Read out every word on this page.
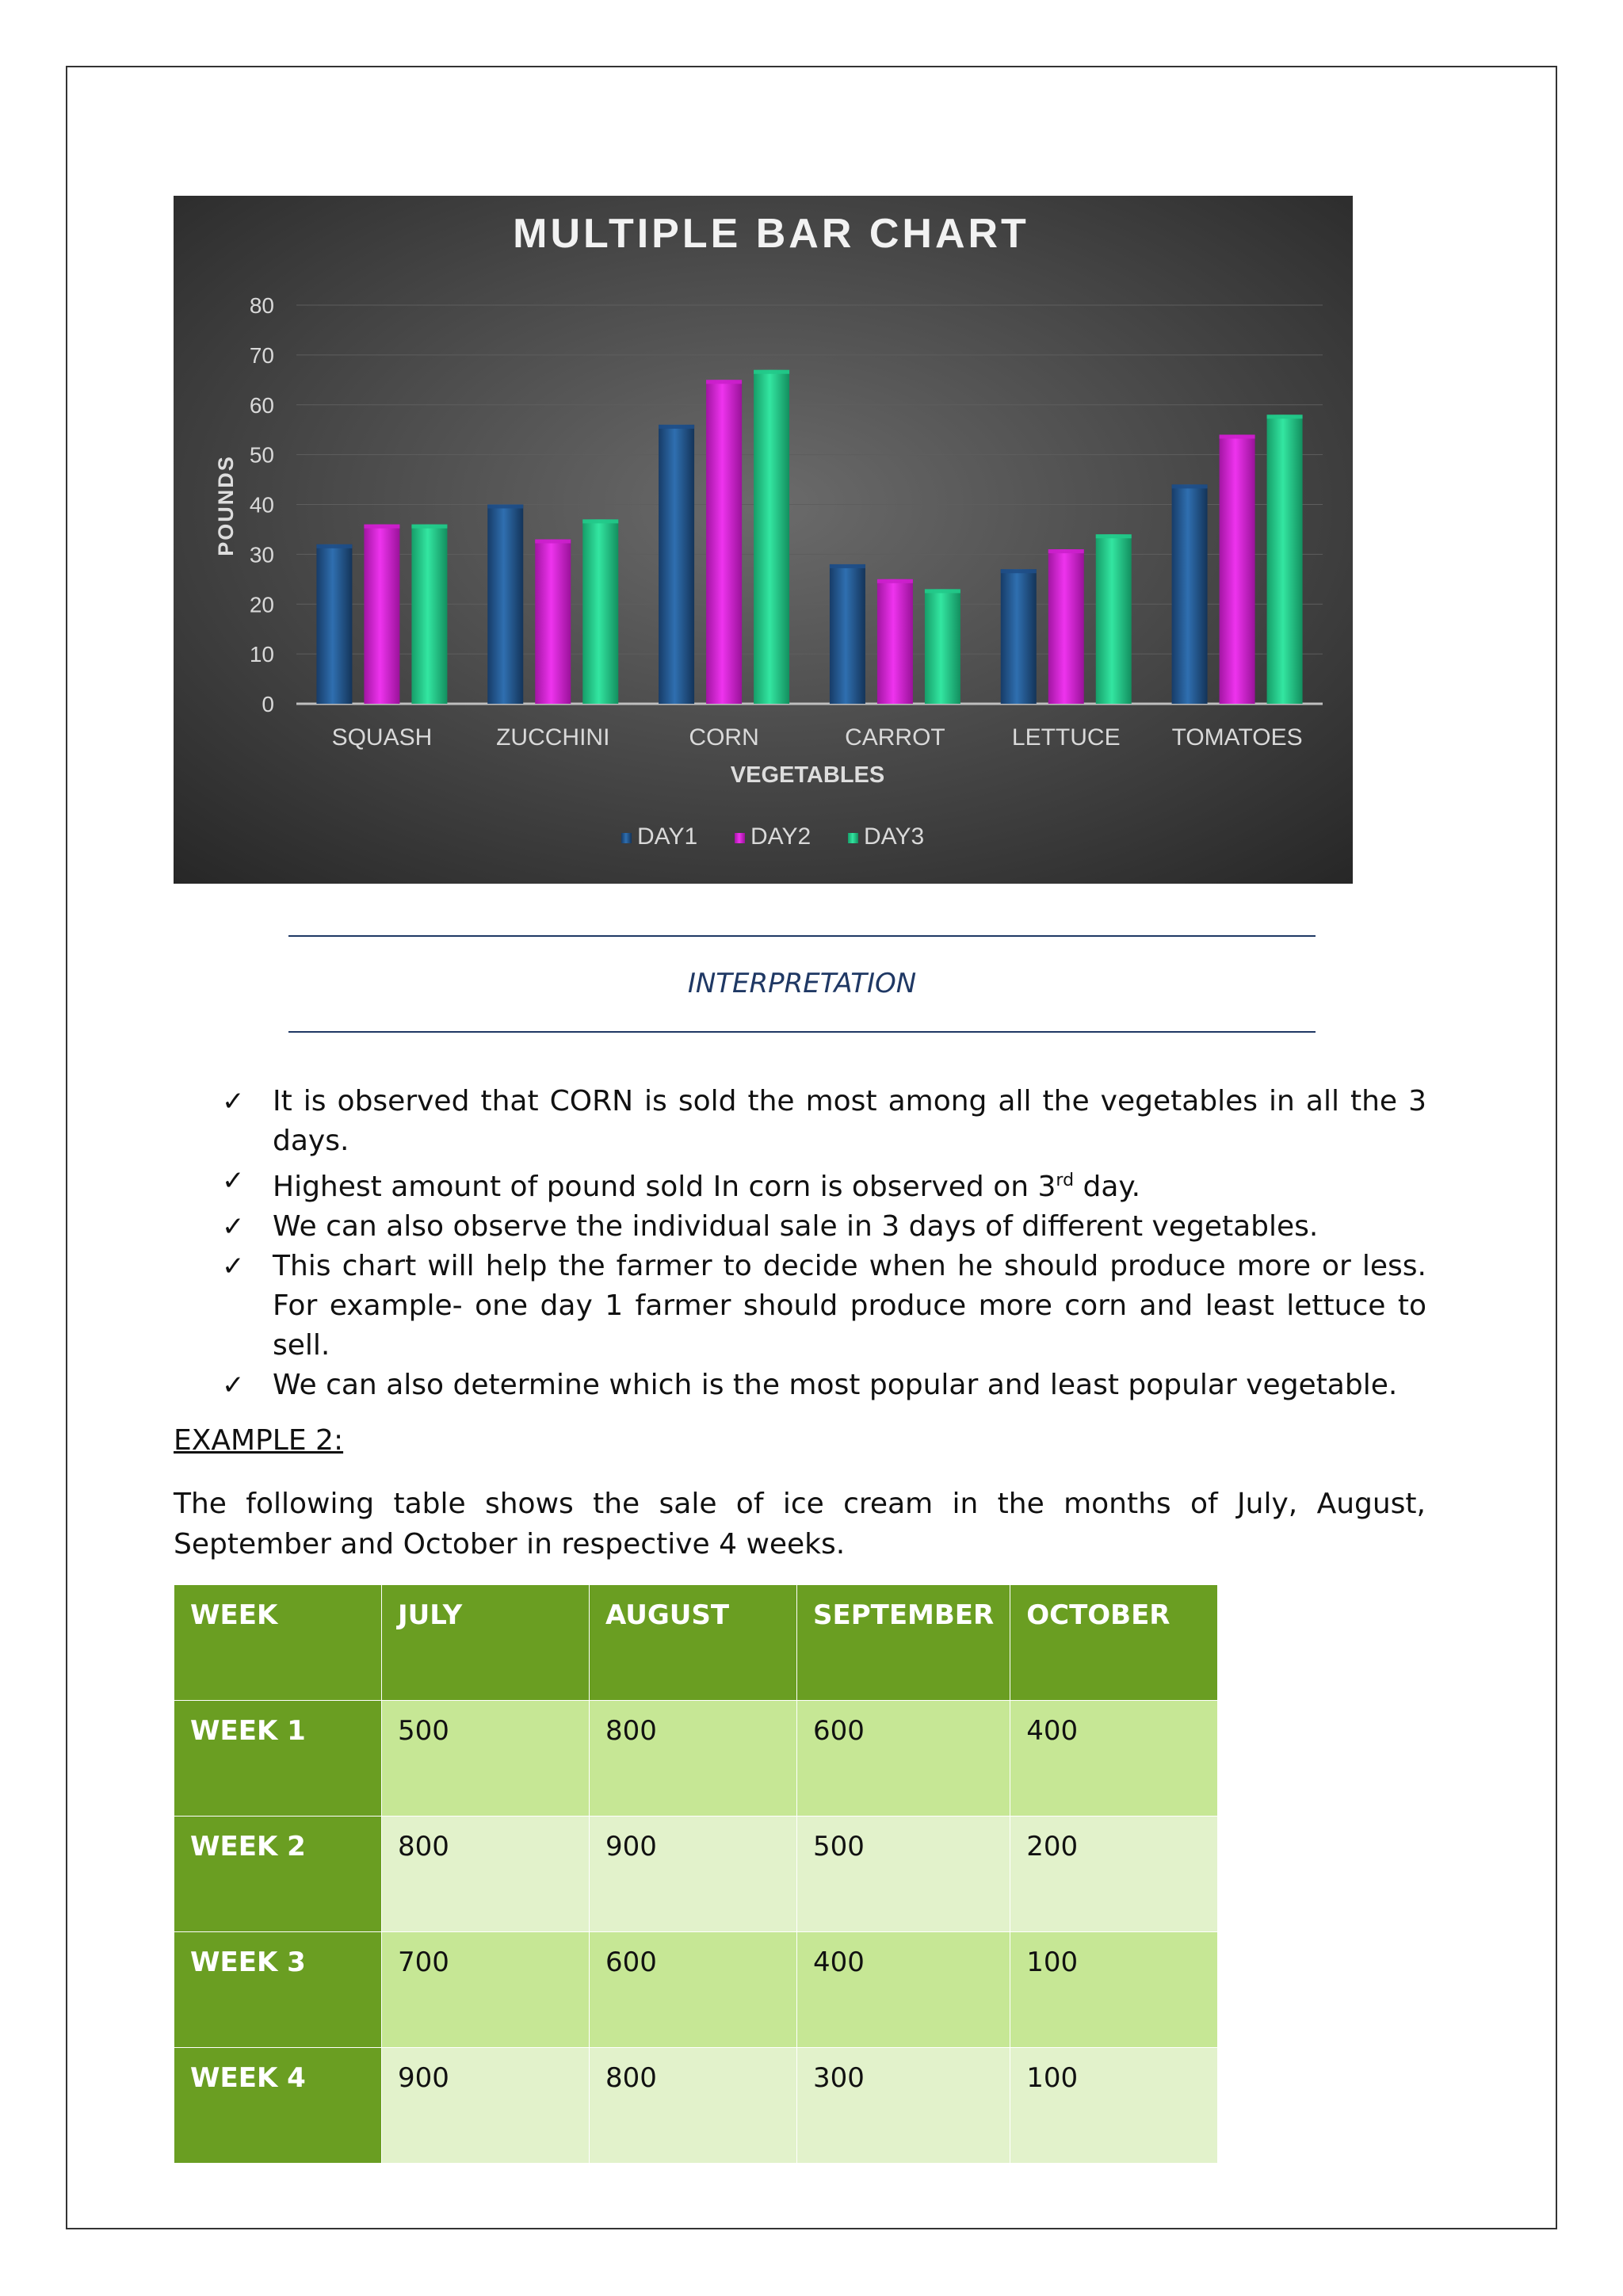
MULTIPLE BAR CHART
0
10
20
30
40
50
60
70
80
SQUASH	ZUCCHINI	CORN	CARROT	LETTUCE TOMATOES
POUNDS
VEGETABLES
DAY1 DAY2 DAY3
INTERPRETATION
✓ It is observed that CORN is sold the most among all the vegetables in all the 3 days.
✓ Highest amount of pound sold In corn is observed on 3rd day.
✓ We can also observe the individual sale in 3 days of different vegetables.
✓ This chart will help the farmer to decide when he should produce more or less. For example- one day 1 farmer should produce more corn and least lettuce to sell.
✓ We can also determine which is the most popular and least popular vegetable.
EXAMPLE 2:
The following table shows the sale of ice cream in the months of July, August, September and October in respective 4 weeks.
WEEK	JULY	AUGUST	SEPTEMBER	OCTOBER
WEEK 1	500	800	600	400
WEEK 2	800	900	500	200
WEEK 3	700	600	400	100
WEEK 4	900	800	300	100
